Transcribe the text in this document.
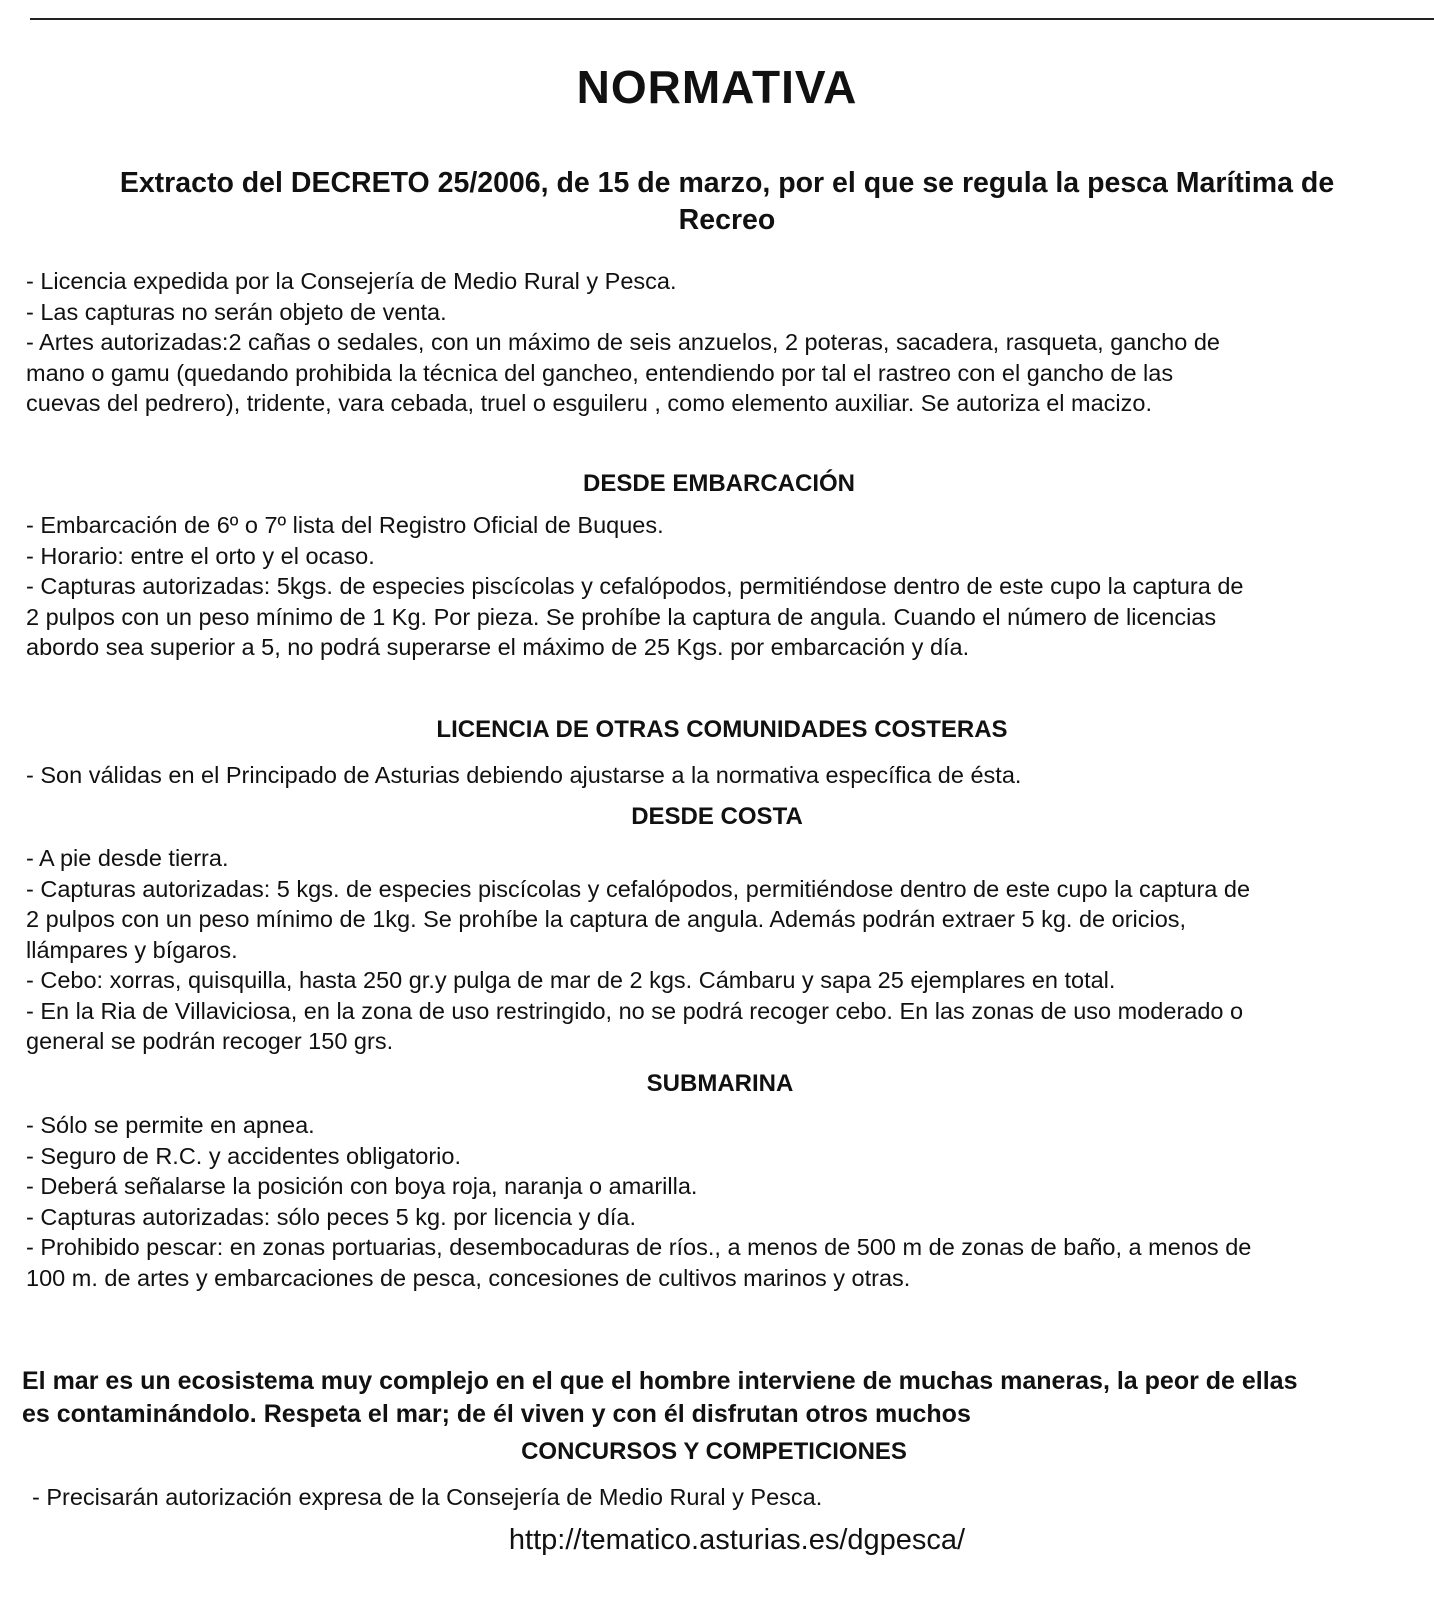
NORMATIVA
Extracto del DECRETO 25/2006, de 15 de marzo, por el que se regula la pesca Marítima de
Recreo

- Licencia expedida por la Consejería de Medio Rural y Pesca.

- Las capturas no serán objeto de venta.

- Artes autorizadas:2 cañas o sedales, con un máximo de seis anzuelos, 2 poteras, sacadera, rasqueta, gancho de

mano o gamu (quedando prohibida la técnica del gancheo, entendiendo por tal el rastreo con el gancho de las

cuevas del pedrero), tridente, vara cebada, truel o esguileru , como elemento auxiliar. Se autoriza el macizo.

DESDE EMBARCACIÓN

- Embarcación de 6º o 7º lista del Registro Oficial de Buques.

- Horario: entre el orto y el ocaso.

- Capturas autorizadas: 5kgs. de especies piscícolas y cefalópodos, permitiéndose dentro de este cupo la captura de

2 pulpos con un peso mínimo de 1 Kg. Por pieza. Se prohíbe la captura de angula. Cuando el número de licencias

abordo sea superior a 5, no podrá superarse el máximo de 25 Kgs. por embarcación y día.

LICENCIA DE OTRAS COMUNIDADES COSTERAS

- Son válidas en el Principado de Asturias debiendo ajustarse a la normativa específica de ésta.

DESDE COSTA

- A pie desde tierra.

- Capturas autorizadas: 5 kgs. de especies piscícolas y cefalópodos, permitiéndose dentro de este cupo la captura de

2 pulpos con un peso mínimo de 1kg. Se prohíbe la captura de angula. Además podrán extraer 5 kg. de oricios,

llámpares y bígaros.

- Cebo: xorras, quisquilla, hasta 250 gr.y pulga de mar de 2 kgs. Cámbaru y sapa 25 ejemplares en total.

- En la Ria de Villaviciosa, en la zona de uso restringido, no se podrá recoger cebo. En las zonas de uso moderado o

general se podrán recoger 150 grs.

SUBMARINA

- Sólo se permite en apnea.

- Seguro de R.C. y accidentes obligatorio.

- Deberá señalarse la posición con boya roja, naranja o amarilla.

- Capturas autorizadas: sólo peces 5 kg. por licencia y día.

- Prohibido pescar: en zonas portuarias, desembocaduras de ríos., a menos de 500 m de zonas de baño, a menos de

100 m. de artes y embarcaciones de pesca, concesiones de cultivos marinos y otras.

El mar es un ecosistema muy complejo en el que el hombre interviene de muchas maneras, la peor de ellas

es contaminándolo. Respeta el mar; de él viven y con él disfrutan otros muchos

CONCURSOS Y COMPETICIONES

- Precisarán autorización expresa de la Consejería de Medio Rural y Pesca.

http://tematico.asturias.es/dgpesca/
